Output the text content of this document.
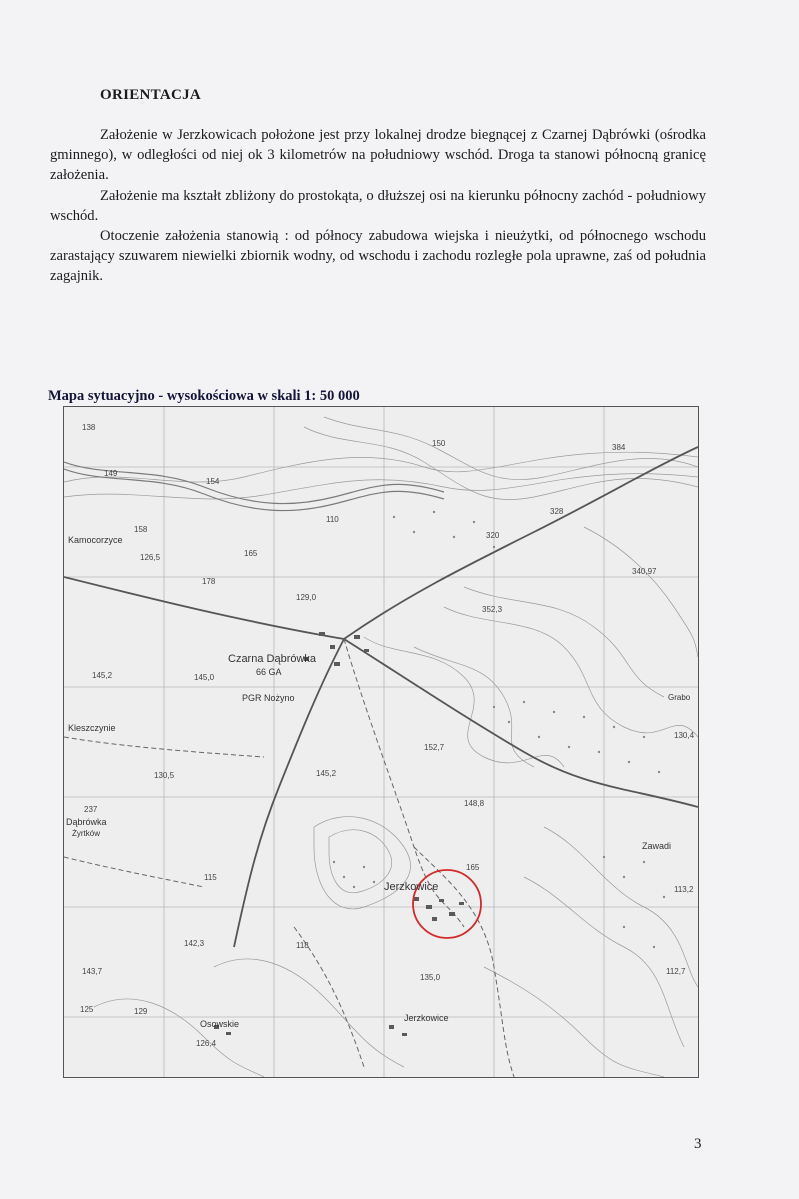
ORIENTACJA

Założenie w Jerzkowicach położone jest przy lokalnej drodze biegnącej z Czarnej Dąbrówki (ośrodka gminnego), w odległości od niej ok 3 kilometrów na południowy wschód. Droga ta stanowi północną granicę założenia.

Założenie ma kształt zbliżony do prostokąta, o dłuższej osi na kierunku północny zachód - południowy wschód.

Otoczenie założenia stanowią : od północy zabudowa wiejska i nieużytki, od północnego wschodu zarastający szuwarem niewielki zbiornik wodny, od wschodu i zachodu rozległe pola uprawne, zaś od południa zagajnik.

Mapa sytuacyjno - wysokościowa w skali 1: 50 000
Czarna Dąbrówka
66 GA
PGR Nożyno
Jerzkowice
Jerzkowice
Osowskie
Zawadi
Kleszczynie
Dąbrówka
Żyrtków
Kamocorzyce
Grabo
138
149
158
126,5
178
165
129,0
145,2	145,0
130,5	145,2
142,3
143,7
126,4
129
135,0
148,8
152,7
340,97
352,3
384
320
328
113,2
130,4
112,7
165
154
110
118
150
115
125
237
3
